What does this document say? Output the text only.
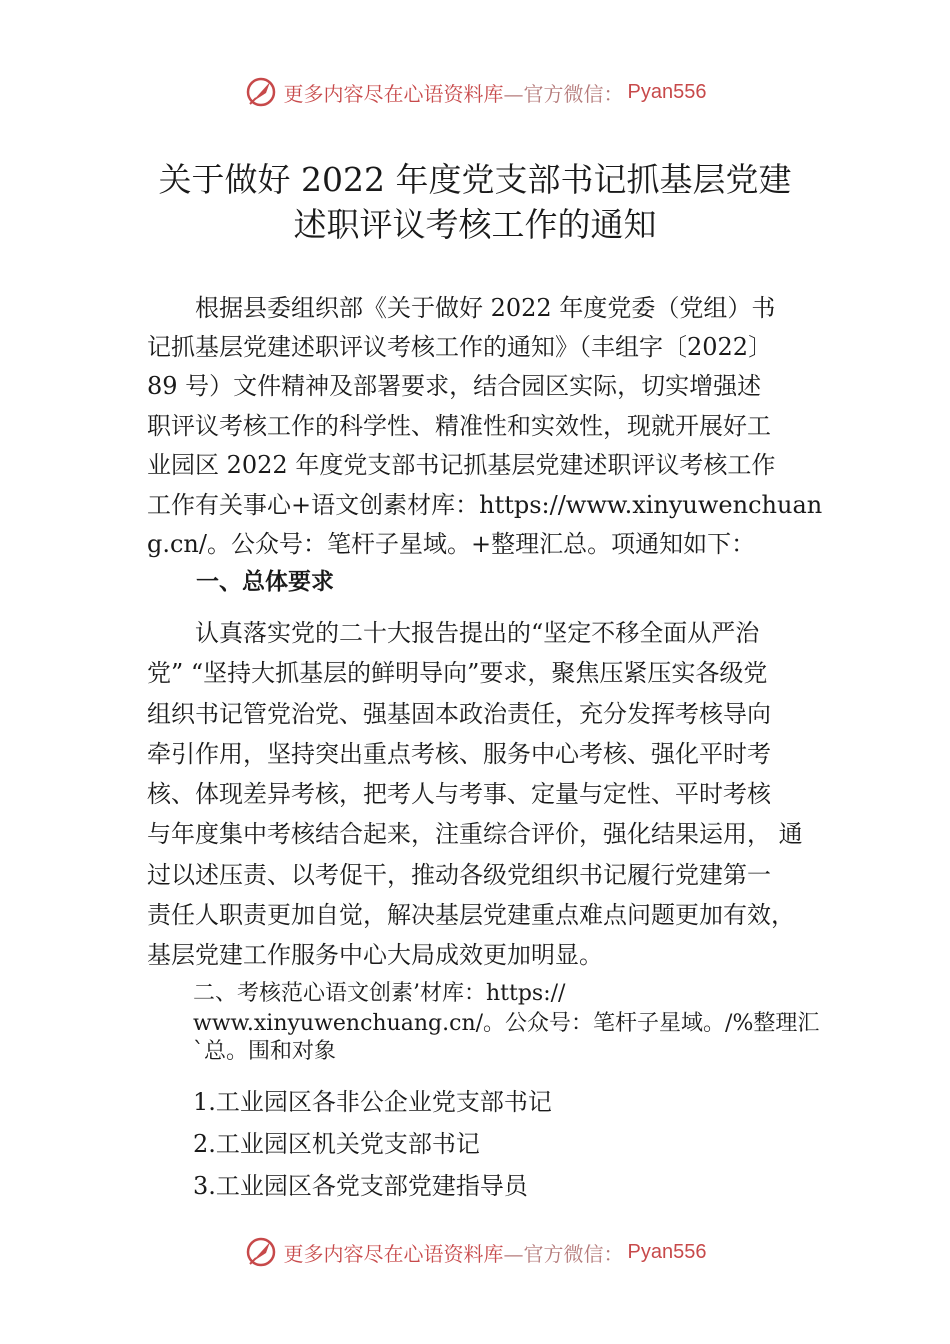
更多内容尽在心语资料库 —官方微信： Pyan556
关于做好 2022 年度党支部书记抓基层党建
述职评议考核工作的通知
　　根据县委组织部《关于做好 2022 年度党委（党组）书
记抓基层党建述职评议考核工作的通知》（丰组字〔2022〕
89 号）文件精神及部署要求，结合园区实际，切实增强述
职评议考核工作的科学性、精准性和实效性，现就开展好工
业园区 2022 年度党支部书记抓基层党建述职评议考核工作
工作有关事心+语文创素材库：https://www.xinyuwenchuan
g.cn/。公众号：笔杆子星域。+整理汇总。项通知如下：
一、总体要求
　　认真落实党的二十大报告提出的“坚定不移全面从严治
党” “坚持大抓基层的鲜明导向”要求，聚焦压紧压实各级党
组织书记管党治党、强基固本政治责任，充分发挥考核导向
牵引作用，坚持突出重点考核、服务中心考核、强化平时考
核、体现差异考核，把考人与考事、定量与定性、平时考核
与年度集中考核结合起来，注重综合评价，强化结果运用， 通
过以述压责、以考促干，推动各级党组织书记履行党建第一
责任人职责更加自觉，解决基层党建重点难点问题更加有效，
基层党建工作服务中心大局成效更加明显。
二、考核范心语文创素’材库：https://
www.xinyuwenchuang.cn/。公众号：笔杆子星域。/%整理汇
`总。围和对象
1.工业园区各非公企业党支部书记
2.工业园区机关党支部书记
3.工业园区各党支部党建指导员
更多内容尽在心语资料库 —官方微信： Pyan556
